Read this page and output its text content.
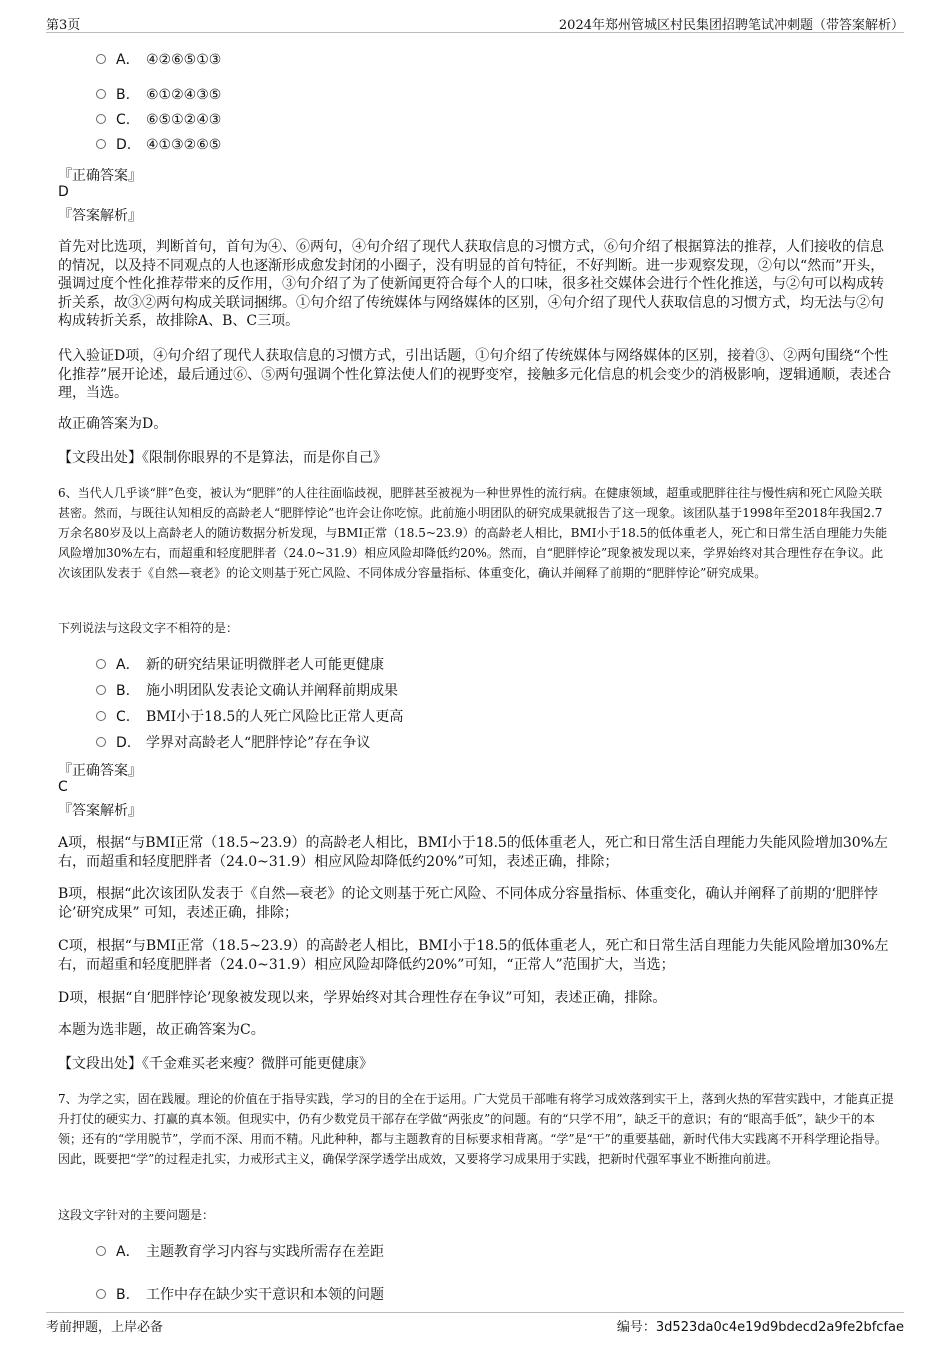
第3页	2024年郑州管城区村民集团招聘笔试冲刺题（带答案解析）
A． ④②⑥⑤①③
B. ⑥①②④③⑤
C. ⑥⑤①②④③
D. ④①③②⑥⑤
『正确答案』
D
『答案解析』
首先对比选项，判断首句，首句为④、⑥两句，④句介绍了现代人获取信息的习惯方式，⑥句介绍了根据算法的推荐，人们接收的信息的情况，以及持不同观点的人也逐渐形成愈发封闭的小圈子，没有明显的首句特征，不好判断。进一步观察发现，②句以“然而”开头，强调过度个性化推荐带来的反作用，③句介绍了为了使新闻更符合每个人的口味，很多社交媒体会进行个性化推送，与②句可以构成转折关系，故③②两句构成关联词捆绑。①句介绍了传统媒体与网络媒体的区别，④句介绍了现代人获取信息的习惯方式，均无法与②句构成转折关系，故排除A、B、C三项。
代入验证D项，④句介绍了现代人获取信息的习惯方式，引出话题，①句介绍了传统媒体与网络媒体的区别，接着③、②两句围绕“个性化推荐”展开论述，最后通过⑥、⑤两句强调个性化算法使人们的视野变窄，接触多元化信息的机会变少的消极影响，逻辑通顺，表述合理，当选。
故正确答案为D。
【文段出处】《限制你眼界的不是算法，而是你自己》
6、当代人几乎谈“胖”色变，被认为“肥胖”的人往往面临歧视，肥胖甚至被视为一种世界性的流行病。在健康领域，超重或肥胖往往与慢性病和死亡风险关联甚密。然而，与既往认知相反的高龄老人“肥胖悖论”也许会让你吃惊。此前施小明团队的研究成果就报告了这一现象。该团队基于1998年至2018年我国2.7万余名80岁及以上高龄老人的随访数据分析发现，与BMI正常（18.5~23.9）的高龄老人相比，BMI小于18.5的低体重老人，死亡和日常生活自理能力失能风险增加30%左右，而超重和轻度肥胖者（24.0~31.9）相应风险却降低约20%。然而，自“肥胖悖论”现象被发现以来，学界始终对其合理性存在争议。此次该团队发表于《自然—衰老》的论文则基于死亡风险、不同体成分容量指标、体重变化，确认并阐释了前期的“肥胖悖论”研究成果。
下列说法与这段文字不相符的是：
A． 新的研究结果证明微胖老人可能更健康
B. 施小明团队发表论文确认并阐释前期成果
C. BMI小于18.5的人死亡风险比正常人更高
D. 学界对高龄老人“肥胖悖论”存在争议
『正确答案』
C
『答案解析』
A项，根据“与BMI正常（18.5~23.9）的高龄老人相比，BMI小于18.5的低体重老人，死亡和日常生活自理能力失能风险增加30%左右，而超重和轻度肥胖者（24.0~31.9）相应风险却降低约20%”可知，表述正确，排除；
B项，根据“此次该团队发表于《自然—衰老》的论文则基于死亡风险、不同体成分容量指标、体重变化，确认并阐释了前期的‘肥胖悖论’研究成果” 可知，表述正确，排除；
C项，根据“与BMI正常（18.5~23.9）的高龄老人相比，BMI小于18.5的低体重老人，死亡和日常生活自理能力失能风险增加30%左右，而超重和轻度肥胖者（24.0~31.9）相应风险却降低约20%”可知，“正常人”范围扩大，当选；
D项，根据“自‘肥胖悖论’现象被发现以来，学界始终对其合理性存在争议”可知，表述正确，排除。
本题为选非题，故正确答案为C。
【文段出处】《千金难买老来瘦？微胖可能更健康》
7、为学之实，固在践履。理论的价值在于指导实践，学习的目的全在于运用。广大党员干部唯有将学习成效落到实干上，落到火热的军营实践中，才能真正提升打仗的硬实力、打赢的真本领。但现实中，仍有少数党员干部存在学做“两张皮”的问题。有的“只学不用”，缺乏干的意识；有的“眼高手低”，缺少干的本领；还有的“学用脱节”，学而不深、用而不精。凡此种种，都与主题教育的目标要求相背离。“学”是“干”的重要基础，新时代伟大实践离不开科学理论指导。因此，既要把“学”的过程走扎实，力戒形式主义，确保学深学透学出成效，又要将学习成果用于实践，把新时代强军事业不断推向前进。
这段文字针对的主要问题是：
A． 主题教育学习内容与实践所需存在差距
B. 工作中存在缺少实干意识和本领的问题
考前押题，上岸必备	编号：3d523da0c4e19d9bdecd2a9fe2bfcfae
